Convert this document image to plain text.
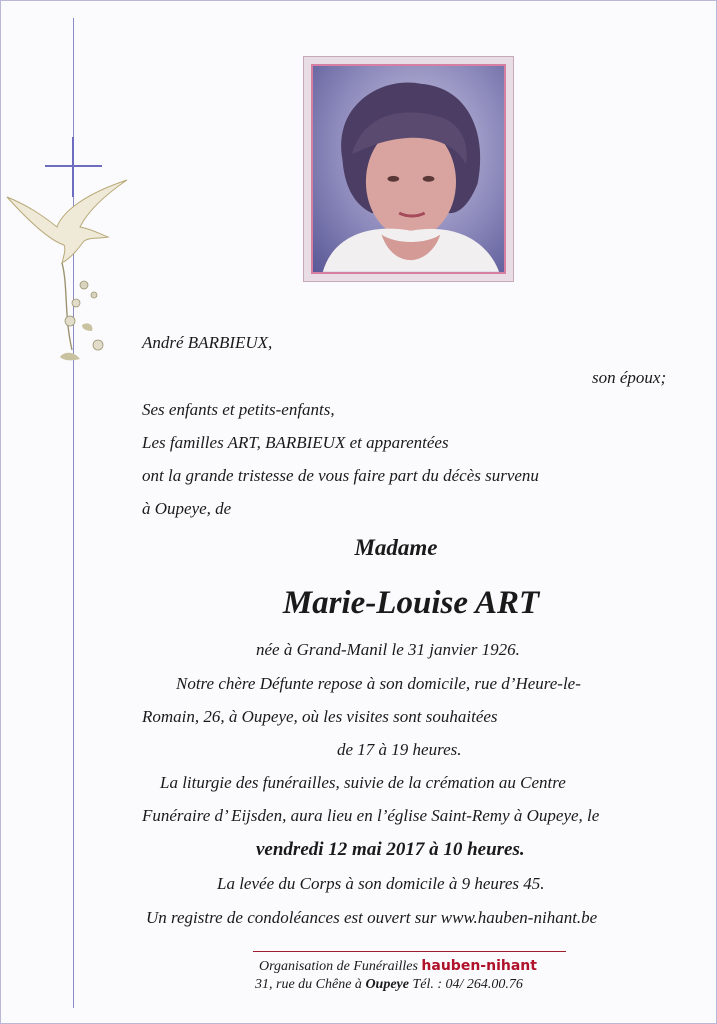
André BARBIEUX,
son époux;
Ses enfants et petits-enfants,
Les familles ART, BARBIEUX et apparentées
ont la grande tristesse de vous faire part du décès survenu
à Oupeye, de
Madame
Marie-Louise ART
née à Grand-Manil le 31 janvier 1926.
Notre chère Défunte repose à son domicile, rue d’Heure-le-
Romain, 26, à Oupeye, où les visites sont souhaitées
de 17 à 19 heures.
La liturgie des funérailles, suivie de la crémation au Centre
Funéraire d’ Eijsden, aura lieu en l’église Saint-Remy à Oupeye, le
vendredi 12 mai 2017 à 10 heures.
La levée du Corps à son domicile à 9 heures 45.
Un registre de condoléances est ouvert sur www.hauben-nihant.be
Organisation de Funérailles hauben-nihant
31, rue du Chêne à Oupeye Tél. : 04/ 264.00.76
